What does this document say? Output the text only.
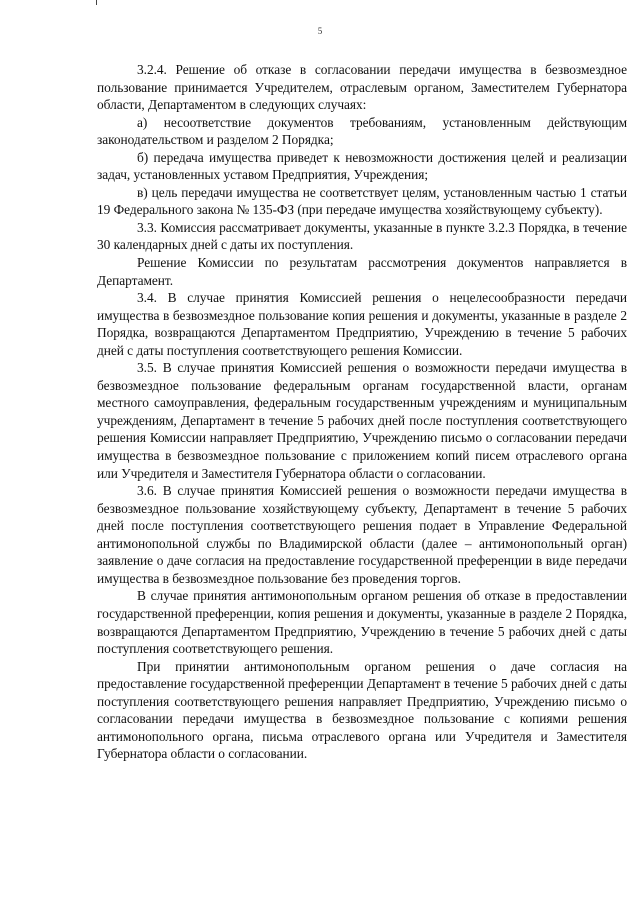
5

3.2.4. Решение об отказе в согласовании передачи имущества в безвозмездное пользование принимается Учредителем, отраслевым органом, Заместителем Губернатора области, Департаментом в следующих случаях:

а) несоответствие документов требованиям, установленным действующим законодательством и разделом 2 Порядка;

б) передача имущества приведет к невозможности достижения целей и реализации задач, установленных уставом Предприятия, Учреждения;

в) цель передачи имущества не соответствует целям, установленным частью 1 статьи 19 Федерального закона № 135-ФЗ (при передаче имущества хозяйствующему субъекту).

3.3. Комиссия рассматривает документы, указанные в пункте 3.2.3 Порядка, в течение 30 календарных дней с даты их поступления.

Решение Комиссии по результатам рассмотрения документов направляется в Департамент.

3.4. В случае принятия Комиссией решения о нецелесообразности передачи имущества в безвозмездное пользование копия решения и документы, указанные в разделе 2 Порядка, возвращаются Департаментом Предприятию, Учреждению в течение 5 рабочих дней с даты поступления соответствующего решения Комиссии.

3.5. В случае принятия Комиссией решения о возможности передачи имущества в безвозмездное пользование федеральным органам государственной власти, органам местного самоуправления, федеральным государственным учреждениям и муниципальным учреждениям, Департамент в течение 5 рабочих дней после поступления соответствующего решения Комиссии направляет Предприятию, Учреждению письмо о согласовании передачи имущества в безвозмездное пользование с приложением копий писем отраслевого органа или Учредителя и Заместителя Губернатора области о согласовании.

3.6. В случае принятия Комиссией решения о возможности передачи имущества в безвозмездное пользование хозяйствующему субъекту, Департамент в течение 5 рабочих дней после поступления соответствующего решения подает в Управление Федеральной антимонопольной службы по Владимирской области (далее – антимонопольный орган) заявление о даче согласия на предоставление государственной преференции в виде передачи имущества в безвозмездное пользование без проведения торгов.

В случае принятия антимонопольным органом решения об отказе в предоставлении государственной преференции, копия решения и документы, указанные в разделе 2 Порядка, возвращаются Департаментом Предприятию, Учреждению в течение 5 рабочих дней с даты поступления соответствующего решения.

При принятии антимонопольным органом решения о даче согласия на предоставление государственной преференции Департамент в течение 5 рабочих дней с даты поступления соответствующего решения направляет Предприятию, Учреждению письмо о согласовании передачи имущества в безвозмездное пользование с копиями решения антимонопольного органа, письма отраслевого органа или Учредителя и Заместителя Губернатора области о согласовании.
